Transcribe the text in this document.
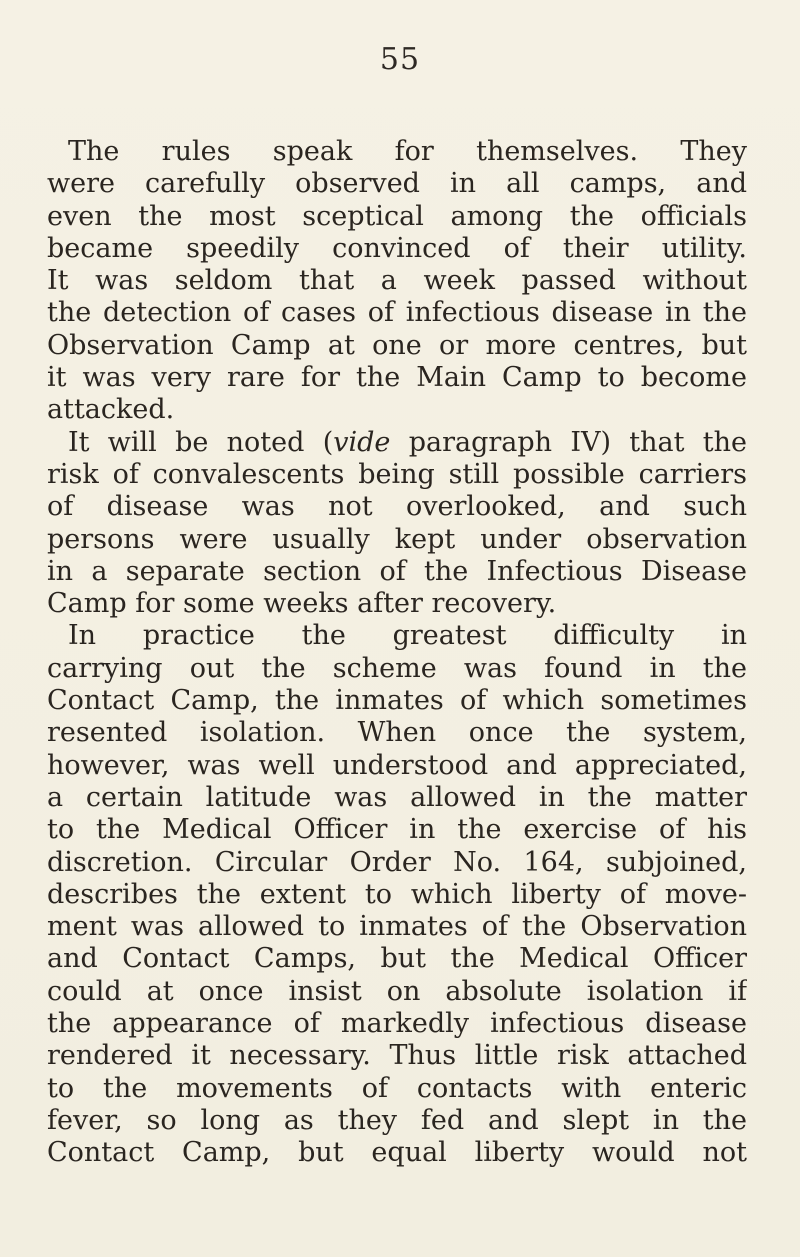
55
The rules speak for themselves. They
were carefully observed in all camps, and
even the most sceptical among the officials
became speedily convinced of their utility.
It was seldom that a week passed without
the detection of cases of infectious disease in the
Observation Camp at one or more centres, but
it was very rare for the Main Camp to become
attacked.
It will be noted (vide paragraph IV) that the
risk of convalescents being still possible carriers
of disease was not overlooked, and such
persons were usually kept under observation
in a separate section of the Infectious Disease
Camp for some weeks after recovery.
In practice the greatest difficulty in
carrying out the scheme was found in the
Contact Camp, the inmates of which sometimes
resented isolation. When once the system,
however, was well understood and appreciated,
a certain latitude was allowed in the matter
to the Medical Officer in the exercise of his
discretion. Circular Order No. 164, subjoined,
describes the extent to which liberty of move-
ment was allowed to inmates of the Observation
and Contact Camps, but the Medical Officer
could at once insist on absolute isolation if
the appearance of markedly infectious disease
rendered it necessary. Thus little risk attached
to the movements of contacts with enteric
fever, so long as they fed and slept in the
Contact Camp, but equal liberty would not
